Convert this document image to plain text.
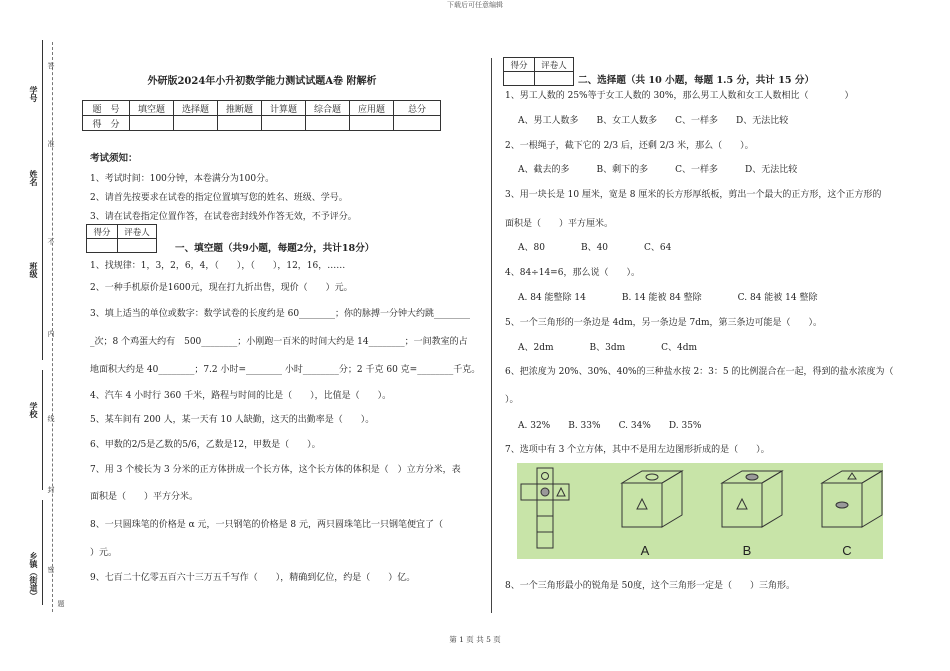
下载后可任意编辑
学号
姓名
班级
学校
乡镇（街道）
答
准
不
内
线
封
密
题
外研版2024年小升初数学能力测试试题A卷 附解析
题　号	填空题	选择题	推断题	计算题	综合题	应用题	总分
得　分							
考试须知：
1、考试时间：100分钟，本卷满分为100分。
2、请首先按要求在试卷的指定位置填写您的姓名、班级、学号。
3、请在试卷指定位置作答，在试卷密封线外作答无效，不予评分。
得分	评卷人

一、填空题（共9小题，每题2分，共计18分）
1、找规律：1，3，2，6，4，（　　），（　　），12，16，……
2、一种手机原价是1600元，现在打九折出售，现价（　　）元。
3、填上适当的单位或数字：数学试卷的长度约是 60________；你的脉搏一分钟大约跳________
_次；8 个鸡蛋大约有　500________；小刚跑一百米的时间大约是 14________；一间教室的占
地面积大约是 40________；7.2 小时=________ 小时________分；2 千克 60 克=________千克。
4、汽车 4 小时行 360 千米，路程与时间的比是（　　），比值是（　　）。
5、某车间有 200 人，某一天有 10 人缺勤，这天的出勤率是（　　）。
6、甲数的2/5是乙数的5/6，乙数是12，甲数是（　　）。
7、用 3 个棱长为 3 分米的正方体拼成一个长方体，这个长方体的体积是（　）立方分米，表
面积是（　　）平方分米。
8、一只圆珠笔的价格是 α 元，一只钢笔的价格是 8 元，两只圆珠笔比一只钢笔便宜了（
）元。
9、七百二十亿零五百六十三万五千写作（　　），精确到亿位，约是（　　）亿。
得分	评卷人

二、选择题（共 10 小题，每题 1.5 分，共计 15 分）
1、男工人数的 25%等于女工人数的 30%，那么男工人数和女工人数相比（　　　　）
A、男工人数多　　B、女工人数多　　C、一样多　　D、无法比较
2、一根绳子，截下它的 2/3 后，还剩 2/3 米，那么（　　）。
A、截去的多　　　B、剩下的多　　　C、一样多　　　D、无法比较
3、用一块长是 10 厘米，宽是 8 厘米的长方形厚纸板，剪出一个最大的正方形，这个正方形的
面积是（　　）平方厘米。
A、80　　　　B、40　　　　C、64
4、84÷14=6，那么说（　　）。
A. 84 能整除 14　　　　B. 14 能被 84 整除　　　　C. 84 能被 14 整除
5、一个三角形的一条边是 4dm，另一条边是 7dm，第三条边可能是（　　）。
A、2dm　　　　B、3dm　　　　C、4dm
6、把浓度为 20%、30%、40%的三种盐水按 2：3：5 的比例混合在一起，得到的盐水浓度为（
）。
A. 32%　　B. 33%　　C. 34%　　D. 35%
7、选项中有 3 个立方体，其中不是用左边图形折成的是（　　）。
A	B	C
8、一个三角形最小的锐角是 50度，这个三角形一定是（　　）三角形。
第 1 页 共 5 页
